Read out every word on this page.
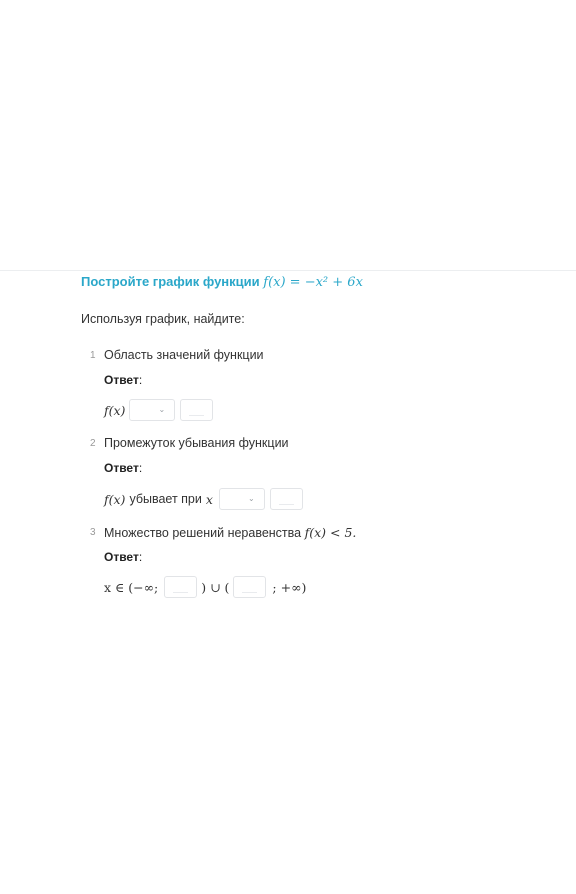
Постройте график функции f(x) = −x² + 6x
Используя график, найдите:
1 Область значений функции
Ответ:
f(x)	⌄
2 Промежуток убывания функции
Ответ:
f(x) убывает при x	⌄
3 Множество решений неравенства f(x) < 5.
Ответ:
x ∈ (−∞;	) ∪ (	; +∞)
